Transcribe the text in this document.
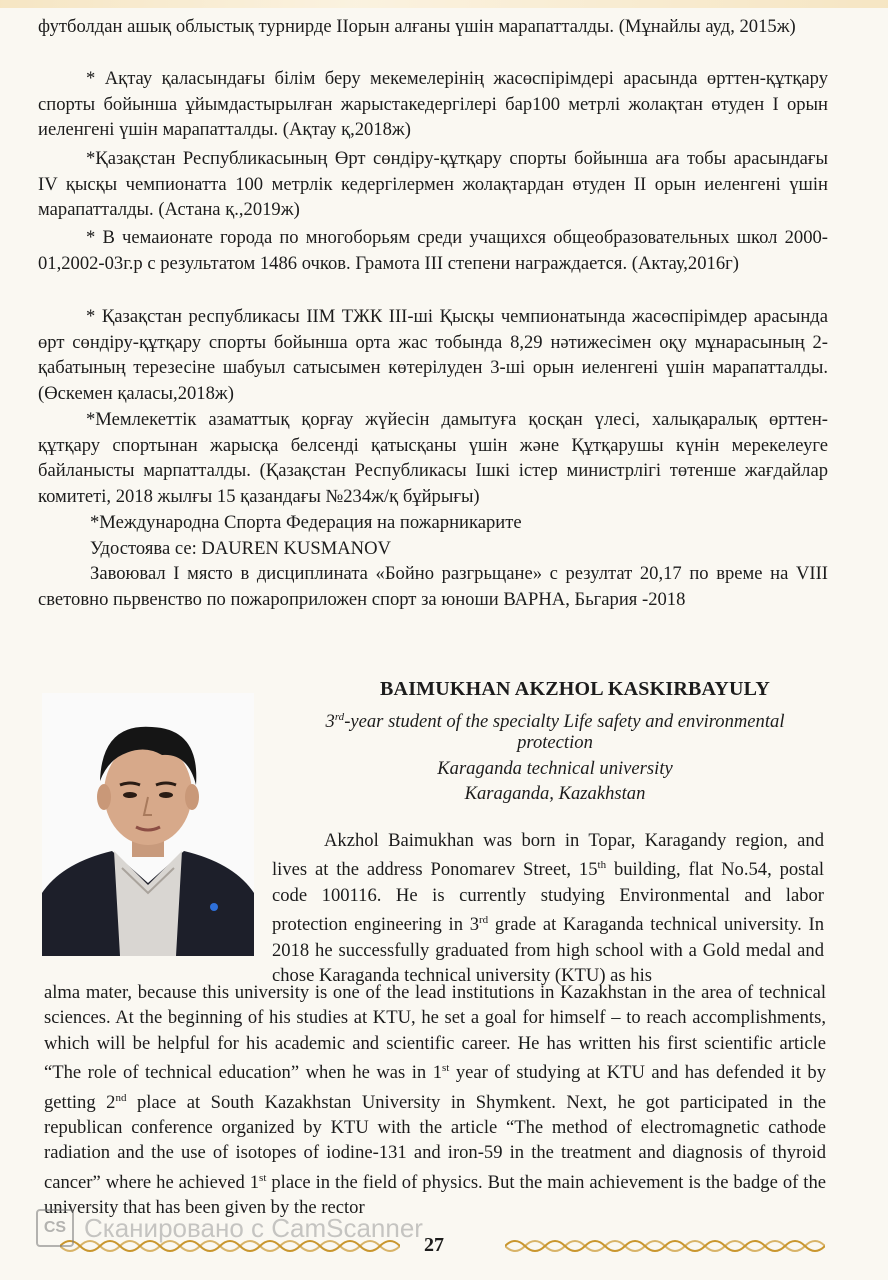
футболдан ашық облыстық турнирде ІІорын алғаны үшін марапатталды. (Мұнайлы ауд, 2015ж)

* Ақтау қаласындағы білім беру мекемелерінің жасөспірімдері арасында өрттен-құтқару спорты бойынша ұйымдастырылған жарыстакедергілері бар100 метрлі жолақтан өтуден І орын иеленгені үшін марапатталды. (Ақтау қ,2018ж)

*Қазақстан Республикасының Өрт сөндіру-құтқару спорты бойынша аға тобы арасындағы IV қысқы чемпионатта 100 метрлік кедергілермен жолақтардан өтуден ІІ орын иеленгені үшін марапатталды. (Астана қ.,2019ж)

* В чемаионате города по многоборьям среди учащихся общеобразовательных школ 2000-01,2002-03г.р с результатом 1486 очков. Грамота ІІІ степени награждается. (Актау,2016г)

* Қазақстан республикасы ІІМ ТЖК ІІІ-ші Қысқы чемпионатында жасөспірімдер арасында өрт сөндіру-құтқару спорты бойынша орта жас тобында 8,29 нәтижесімен оқу мұнарасының 2-қабатының терезесіне шабуыл сатысымен көтерілуден 3-ші орын иеленгені үшін марапатталды. (Өскемен қаласы,2018ж)

*Мемлекеттік азаматтық қорғау жүйесін дамытуға қосқан үлесі, халықаралық өрттен-құтқару спортынан жарысқа белсенді қатысқаны үшін және Құтқарушы күнін мерекелеуге байланысты марпатталды. (Қазақстан Республикасы Ішкі істер министрлігі төтенше жағдайлар комитеті, 2018 жылғы 15 қазандағы №234ж/қ бұйрығы)

*Международна Спорта Федерация на пожарникарите

Удостоява се: DAUREN KUSMANOV

Завоювал І място в дисциплината «Бойно разгрьщане» с резултат 20,17 по време на VIII световно пьрвенство по пожароприложен спорт за юноши ВАРНА, Бьгария -2018

BAIMUKHAN AKZHOL KASKIRBAYULY
3rd-year student of the specialty Life safety and environmental
protection
Karaganda technical university
Karaganda, Kazakhstan

Akzhol Baimukhan was born in Topar, Karagandy region, and lives at the address Ponomarev Street, 15th building, flat No.54, postal code 100116. He is currently studying Environmental and labor protection engineering in 3rd grade at Karaganda technical university. In 2018 he successfully graduated from high school with a Gold medal and chose Karaganda technical university (KTU) as his

alma mater, because this university is one of the lead institutions in Kazakhstan in the area of technical sciences. At the beginning of his studies at KTU, he set a goal for himself – to reach accomplishments, which will be helpful for his academic and scientific career. He has written his first scientific article “The role of technical education” when he was in 1st year of studying at KTU and has defended it by getting 2nd place at South Kazakhstan University in Shymkent. Next, he got participated in the republican conference organized by KTU with the article “The method of electromagnetic cathode radiation and the use of isotopes of iodine-131 and iron-59 in the treatment and diagnosis of thyroid cancer” where he achieved 1st place in the field of physics. But the main achievement is the badge of the university that has been given by the rector

CS Сканировано с CamScanner
27
